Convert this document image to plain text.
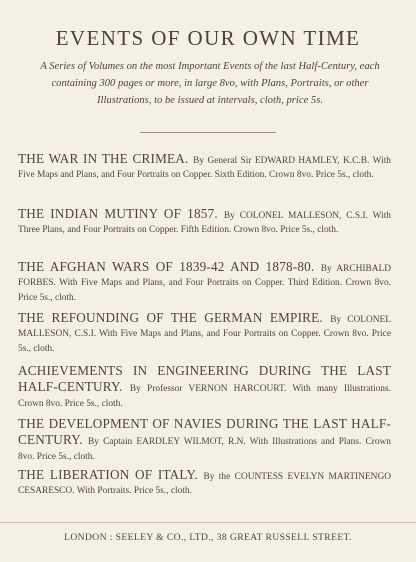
EVENTS OF OUR OWN TIME
A Series of Volumes on the most Important Events of the last Half-Century, each containing 300 pages or more, in large 8vo, with Plans, Portraits, or other Illustrations, to be issued at intervals, cloth, price 5s.
THE WAR IN THE CRIMEA. By General Sir EDWARD HAMLEY, K.C.B. With Five Maps and Plans, and Four Portraits on Copper. Sixth Edition. Crown 8vo. Price 5s., cloth.
THE INDIAN MUTINY OF 1857. By COLONEL MALLESON, C.S.I. With Three Plans, and Four Portraits on Copper. Fifth Edition. Crown 8vo. Price 5s., cloth.
THE AFGHAN WARS OF 1839-42 AND 1878-80. By ARCHIBALD FORBES. With Five Maps and Plans, and Four Portraits on Copper. Third Edition. Crown 8vo. Price 5s., cloth.
THE REFOUNDING OF THE GERMAN EMPIRE. By COLONEL MALLESON, C.S.I. With Five Maps and Plans, and Four Portraits on Copper. Crown 8vo. Price 5s., cloth.
ACHIEVEMENTS IN ENGINEERING DURING THE LAST HALF-CENTURY. By Professor VERNON HARCOURT. With many Illustrations. Crown 8vo. Price 5s., cloth.
THE DEVELOPMENT OF NAVIES DURING THE LAST HALF-CENTURY. By Captain EARDLEY WILMOT, R.N. With Illustrations and Plans. Crown 8vo. Price 5s., cloth.
THE LIBERATION OF ITALY. By the COUNTESS EVELYN MARTINENGO CESARESCO. With Portraits. Price 5s., cloth.
LONDON : SEELEY & CO., LTD., 38 GREAT RUSSELL STREET.
